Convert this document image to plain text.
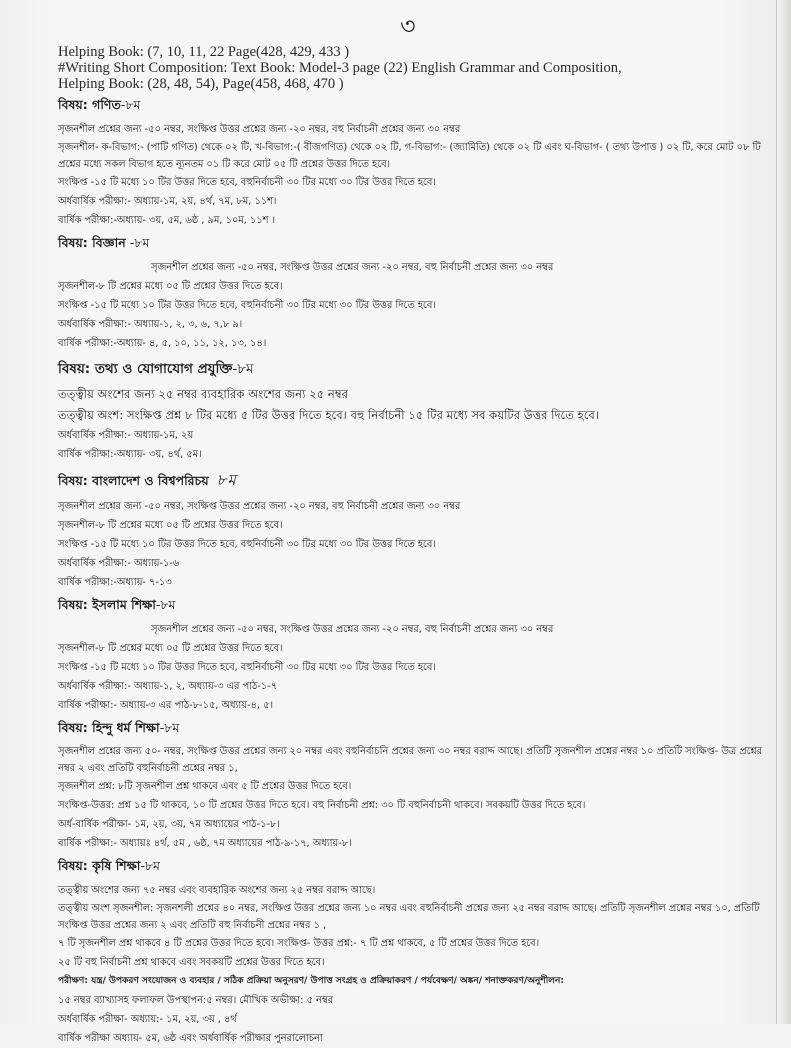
৩

Helping Book: (7, 10, 11, 22 Page(428, 429, 433 )

#Writing Short Composition: Text Book: Model-3 page (22) English Grammar and Composition,

Helping Book: (28, 48, 54), Page(458, 468, 470 )

বিষয়: গণিত-৮ম

সৃজনশীল প্রশ্নের জন্য -৫০ নম্বর, সংক্ষিপ্ত উত্তর প্রশ্নের জন্য -২০ নম্বর, বহু নির্বাচনী প্রশ্নের জন্য ৩০ নম্বর

সৃজনশীল- ক-বিভাগ:- (পাটি গণিত) থেকে ০২ টি, খ-বিভাগ:-( বীজগণিত) থেকে ০২ টি, গ-বিভাগ:- (জ্যামিতি) থেকে ০২ টি এবং ঘ-বিভাগ- ( তথ্য উপাত্ত ) ০২ টি, করে মোট ০৮ টি প্রশ্নের মধ্যে সকল বিভাগ হতে ন্যূনতম ০১ টি করে মোট ০৫ টি প্রশ্নের উত্তর দিতে হবে।

সংক্ষিপ্ত -১৫ টি মধ্যে ১০ টির উত্তর দিতে হবে, বহুনির্বাচনী ৩০ টির মধ্যে ৩০ টির উত্তর দিতে হবে।

অর্ধবার্ষিক পরীক্ষা:- অধ্যায়-১ম, ২য়, ৪র্থ, ৭ম, ৮ম, ১১শ।

বার্ষিক পরীক্ষা:-অধ্যায়- ৩য়, ৫ম, ৬ষ্ঠ , ৯ম, ১০ম, ১১শ ।

বিষয়: বিজ্ঞান -৮ম

সৃজনশীল প্রশ্নের জন্য -৫০ নম্বর, সংক্ষিপ্ত উত্তর প্রশ্নের জন্য -২০ নম্বর, বহু নির্বাচনী প্রশ্নের জন্য ৩০ নম্বর

সৃজনশীল-৮ টি প্রশ্নের মধ্যে ০৫ টি প্রশ্নের উত্তর দিতে হবে।

সংক্ষিপ্ত -১৫ টি মধ্যে ১০ টির উত্তর দিতে হবে, বহুনির্বাচনী ৩০ টির মধ্যে ৩০ টির উত্তর দিতে হবে।

অর্ধবার্ষিক পরীক্ষা:- অধ্যায়-১, ২, ৩, ৬, ৭,৮ ৯।

বার্ষিক পরীক্ষা:-অধ্যায়- ৪, ৫, ১০, ১১, ১২, ১৩, ১৪।

বিষয়: তথ্য ও যোগাযোগ প্রযুক্তি-৮ম

তত্ত্বীয় অংশের জন্য ২৫ নম্বর ব্যবহারিক অংশের জন্য ২৫ নম্বর

তত্ত্বীয় অংশ: সংক্ষিপ্ত প্রশ্ন ৮ টির মধ্যে ৫ টির উত্তর দিতে হবে। বহু নির্বাচনী ১৫ টির মধ্যে সব কয়টির উত্তর দিতে হবে।

অর্ধবার্ষিক পরীক্ষা:- অধ্যায়-১ম, ২য়

বার্ষিক পরীক্ষা:-অধ্যায়- ৩য়, ৪র্থ, ৫ম।

বিষয়: বাংলাদেশ ও বিশ্বপরিচয় ৮ম

সৃজনশীল প্রশ্নের জন্য -৫০ নম্বর, সংক্ষিপ্ত উত্তর প্রশ্নের জন্য -২০ নম্বর, বহু নির্বাচনী প্রশ্নের জন্য ৩০ নম্বর

সৃজনশীল-৮ টি প্রশ্নের মধ্যে ০৫ টি প্রশ্নের উত্তর দিতে হবে।

সংক্ষিপ্ত -১৫ টি মধ্যে ১০ টির উত্তর দিতে হবে, বহুনির্বাচনী ৩০ টির মধ্যে ৩০ টির উত্তর দিতে হবে।

অর্ধবার্ষিক পরীক্ষা:- অধ্যায়-১-৬

বার্ষিক পরীক্ষা:-অধ্যায়- ৭-১৩

বিষয়: ইসলাম শিক্ষা-৮ম

সৃজনশীল প্রশ্নের জন্য -৫০ নম্বর, সংক্ষিপ্ত উত্তর প্রশ্নের জন্য -২০ নম্বর, বহু নির্বাচনী প্রশ্নের জন্য ৩০ নম্বর

সৃজনশীল-৮ টি প্রশ্নের মধ্যে ০৫ টি প্রশ্নের উত্তর দিতে হবে।

সংক্ষিপ্ত -১৫ টি মধ্যে ১০ টির উত্তর দিতে হবে, বহুনির্বাচনী ৩০ টির মধ্যে ৩০ টির উত্তর দিতে হবে।

অর্ধবার্ষিক পরীক্ষা:- অধ্যায়-১, ২, অধ্যায়-৩ এর পাঠ-১-৭

বার্ষিক পরীক্ষা:- অধ্যায়-৩ এর পাঠ-৮-১৫, অধ্যায়-৪, ৫।

বিষয়: হিন্দু ধর্ম শিক্ষা-৮ম

সৃজনশীল প্রশ্নের জন্য ৫০- নম্বর, সংক্ষিপ্ত উত্তর প্রশ্নের জন্য ২০ নম্বর এবং বহুনির্বাচনি প্রশ্নের জন্য ৩০ নম্বর বরাদ্দ আছে। প্রতিটি সৃজনশীল প্রশ্নের নম্বর ১০ প্রতিটি সংক্ষিপ্ত- উত্র প্রশ্নের নম্বর ২ এবং প্রতিটি বহুনির্বাচনী প্রশ্নের নম্বর ১,

সৃজনশীল প্রশ্ন: ৮টি সৃজনশীল প্রশ্ন থাকবে এবং ৫ টি প্রশ্নের উত্তর দিতে হবে।

সংক্ষিপ্ত-উত্তর: প্রশ্ন ১৫ টি থাকবে, ১০ টি প্রশ্নের উত্তর দিতে হবে। বহু নির্বাচনী প্রশ্ন: ৩০ টি বহুনির্বাচনী থাকবে। সবকয়টি উত্তর দিতে হবে।

অর্ধ-বার্ষিক পরীক্ষা- ১ম, ২য়, ৩য়, ৭ম অধ্যায়ের পাঠ-১-৮।

বার্ষিক পরীক্ষা:- অধ্যায়ঃ ৪র্থ, ৫ম , ৬ষ্ঠ, ৭ম অধ্যায়ের পাঠ-৯-১৭, অধ্যায়-৮।

বিষয়: কৃষি শিক্ষা-৮ম

তত্ত্বীয় অংশের জন্য ৭৫ নম্বর এবং ব্যবহারিক অংশের জন্য ২৫ নম্বর বরাদ্দ আছে।

তত্ত্বীয় অংশ সৃজনশীল: সৃজনশলী প্রশ্নের ৪০ নম্বর, সংক্ষিপ্ত উত্তর প্রশ্নের জন্য ১০ নম্বর এবং বহুনির্বাচনী প্রশ্নের জন্য ২৫ নম্বর বরাদ্দ আছে। প্রতিটি সৃজনশীল প্রশ্নের নম্বর ১০, প্রতিটি সংক্ষিপ্ত উত্তর প্রশ্নের জন্য ২ এবং প্রতিটি বহু নির্বাচনী প্রশ্নের নম্বর ১ ,

৭ টি সৃজনশীল প্রশ্ন থাকবে ৪ টি প্রশ্নের উত্তর দিতে হবে। সংক্ষিপ্ত- উত্তর প্রশ্ন:- ৭ টি প্রশ্ন থাকবে, ৫ টি প্রশ্নের উত্তর দিতে হবে।

২৫ টি বহু নির্বাচনী প্রশ্ন থাকবে এবং সবকয়টি প্রশ্নের উত্তর দিতে হবে।

পরীক্ষণ: যন্ত্র/ উপকরণ সংযোজন ও ব্যবহার / সঠিক প্রক্রিয়া অনুসরণ/ উপাত্ত সংগ্রহ ও প্রক্রিয়াকরণ / পর্যবেক্ষণ/ অঙ্কন/ শনাক্তকরণ/অনুশীলন:

১৫ নম্বর ব্যাখ্যাসহ ফলাফল উপস্থাপন:৫ নম্বর। মৌখিক অভীক্ষা: ৫ নম্বর

অর্ধবার্ষিক পরীক্ষা- অধ্যায়:- ১ম, ২য়, ৩য় , ৪র্থ

বার্ষিক পরীক্ষা অধ্যায়- ৫ম, ৬ষ্ঠ এবং অর্ধবার্ষিক পরীক্ষার পুনরালোচনা
